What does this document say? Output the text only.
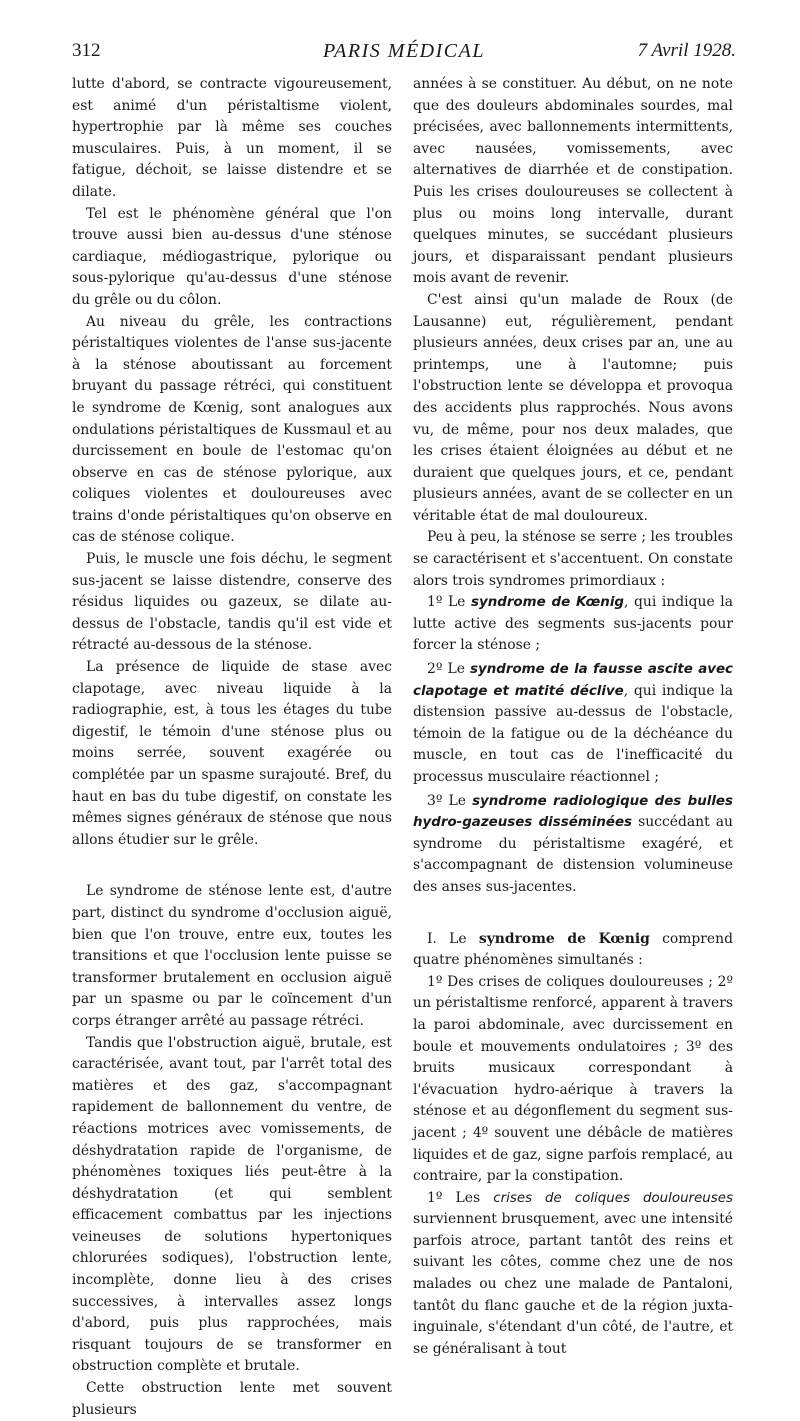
312	PARIS MÉDICAL	7 Avril 1928.

lutte d'abord, se contracte vigoureusement, est animé d'un péristaltisme violent, hypertrophie par là même ses couches musculaires. Puis, à un moment, il se fatigue, déchoit, se laisse distendre et se dilate.

Tel est le phénomène général que l'on trouve aussi bien au-dessus d'une sténose cardiaque, médiogastrique, pylorique ou sous-pylorique qu'au-dessus d'une sténose du grêle ou du côlon.

Au niveau du grêle, les contractions péristaltiques violentes de l'anse sus-jacente à la sténose aboutissant au forcement bruyant du passage rétréci, qui constituent le syndrome de Kœnig, sont analogues aux ondulations péristaltiques de Kussmaul et au durcissement en boule de l'estomac qu'on observe en cas de sténose pylorique, aux coliques violentes et douloureuses avec trains d'onde péristaltiques qu'on observe en cas de sténose colique.

Puis, le muscle une fois déchu, le segment sus-jacent se laisse distendre, conserve des résidus liquides ou gazeux, se dilate au-dessus de l'obstacle, tandis qu'il est vide et rétracté au-dessous de la sténose.

La présence de liquide de stase avec clapotage, avec niveau liquide à la radiographie, est, à tous les étages du tube digestif, le témoin d'une sténose plus ou moins serrée, souvent exagérée ou complétée par un spasme surajouté. Bref, du haut en bas du tube digestif, on constate les mêmes signes généraux de sténose que nous allons étudier sur le grêle.

Le syndrome de sténose lente est, d'autre part, distinct du syndrome d'occlusion aiguë, bien que l'on trouve, entre eux, toutes les transitions et que l'occlusion lente puisse se transformer brutalement en occlusion aiguë par un spasme ou par le coïncement d'un corps étranger arrêté au passage rétréci.

Tandis que l'obstruction aiguë, brutale, est caractérisée, avant tout, par l'arrêt total des matières et des gaz, s'accompagnant rapidement de ballonnement du ventre, de réactions motrices avec vomissements, de déshydratation rapide de l'organisme, de phénomènes toxiques liés peut-être à la déshydratation (et qui semblent efficacement combattus par les injections veineuses de solutions hypertoniques chlorurées sodiques), l'obstruction lente, incomplète, donne lieu à des crises successives, à intervalles assez longs d'abord, puis plus rapprochées, mais risquant toujours de se transformer en obstruction complète et brutale.

Cette obstruction lente met souvent plusieurs

années à se constituer. Au début, on ne note que des douleurs abdominales sourdes, mal précisées, avec ballonnements intermittents, avec nausées, vomissements, avec alternatives de diarrhée et de constipation. Puis les crises douloureuses se collectent à plus ou moins long intervalle, durant quelques minutes, se succédant plusieurs jours, et disparaissant pendant plusieurs mois avant de revenir.

C'est ainsi qu'un malade de Roux (de Lausanne) eut, régulièrement, pendant plusieurs années, deux crises par an, une au printemps, une à l'automne; puis l'obstruction lente se développa et provoqua des accidents plus rapprochés. Nous avons vu, de même, pour nos deux malades, que les crises étaient éloignées au début et ne duraient que quelques jours, et ce, pendant plusieurs années, avant de se collecter en un véritable état de mal douloureux.

Peu à peu, la sténose se serre ; les troubles se caractérisent et s'accentuent. On constate alors trois syndromes primordiaux :

1º Le syndrome de Kœnig, qui indique la lutte active des segments sus-jacents pour forcer la sténose ;

2º Le syndrome de la fausse ascite avec clapotage et matité déclive, qui indique la distension passive au-dessus de l'obstacle, témoin de la fatigue ou de la déchéance du muscle, en tout cas de l'inefficacité du processus musculaire réactionnel ;

3º Le syndrome radiologique des bulles hydro-gazeuses disséminées succédant au syndrome du péristaltisme exagéré, et s'accompagnant de distension volumineuse des anses sus-jacentes.

I. Le syndrome de Kœnig comprend quatre phénomènes simultanés :

1º Des crises de coliques douloureuses ; 2º un péristaltisme renforcé, apparent à travers la paroi abdominale, avec durcissement en boule et mouvements ondulatoires ; 3º des bruits musicaux correspondant à l'évacuation hydro-aérique à travers la sténose et au dégonflement du segment sus-jacent ; 4º souvent une débâcle de matières liquides et de gaz, signe parfois remplacé, au contraire, par la constipation.

1º Les crises de coliques douloureuses surviennent brusquement, avec une intensité parfois atroce, partant tantôt des reins et suivant les côtes, comme chez une de nos malades ou chez une malade de Pantaloni, tantôt du flanc gauche et de la région juxta-inguinale, s'étendant d'un côté, de l'autre, et se généralisant à tout
